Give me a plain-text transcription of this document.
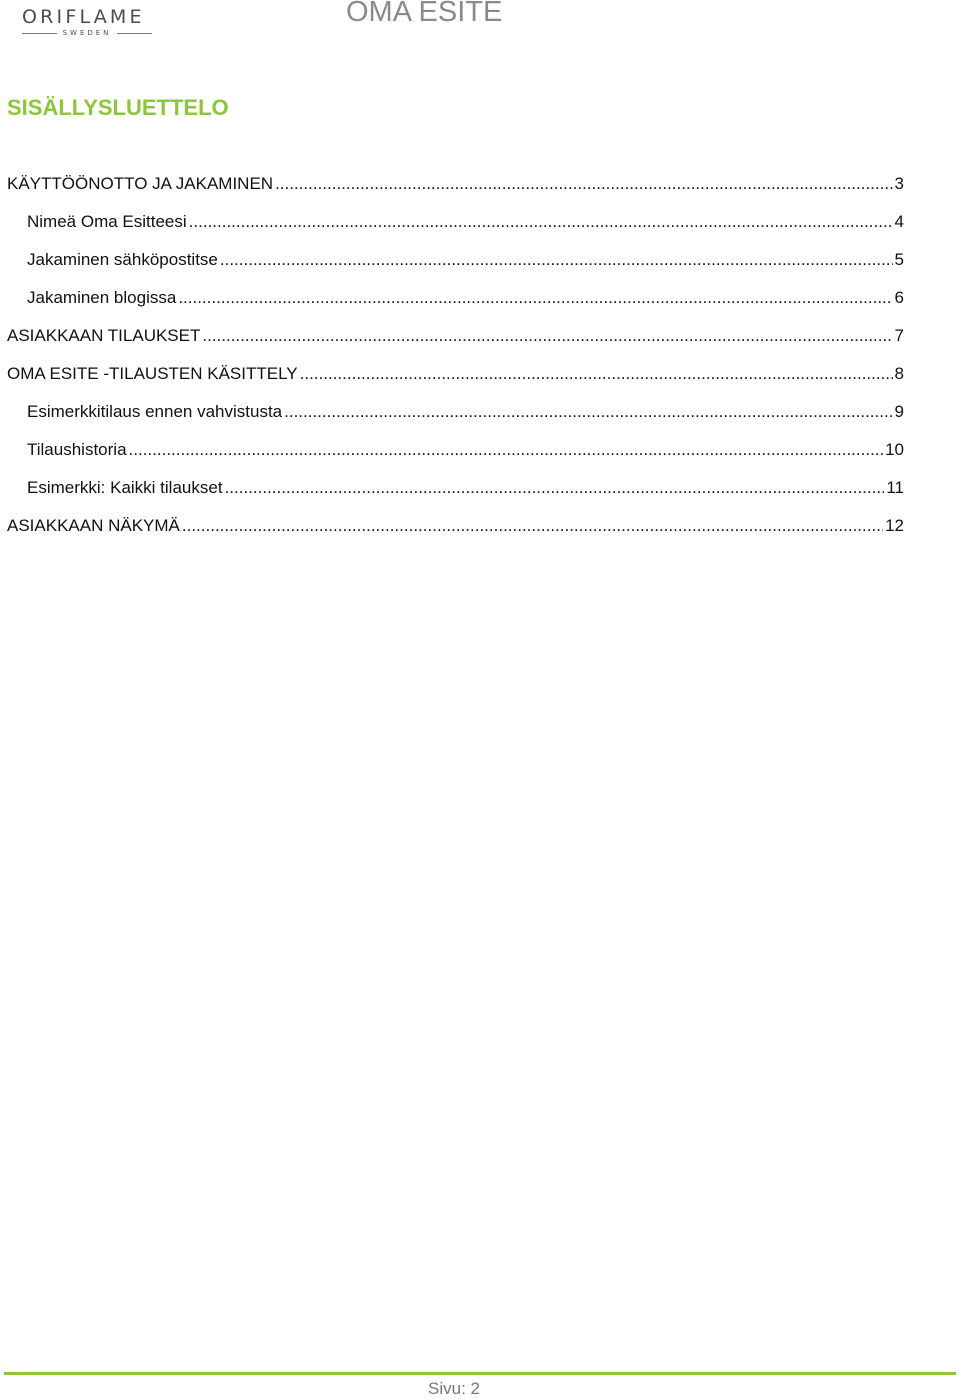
ORIFLAME
SWEDEN
OMA ESITE
SISÄLLYSLUETTELO
KÄYTTÖÖNOTTO JA JAKAMINEN .....	3
Nimeä Oma Esitteesi .....	4
Jakaminen sähköpostitse .....	5
Jakaminen blogissa .....	6
ASIAKKAAN TILAUKSET .....	7
OMA ESITE -TILAUSTEN KÄSITTELY .....	8
Esimerkkitilaus ennen vahvistusta .....	9
Tilaushistoria .....	10
Esimerkki: Kaikki tilaukset .....	11
ASIAKKAAN NÄKYMÄ .....	12
Sivu: 2
